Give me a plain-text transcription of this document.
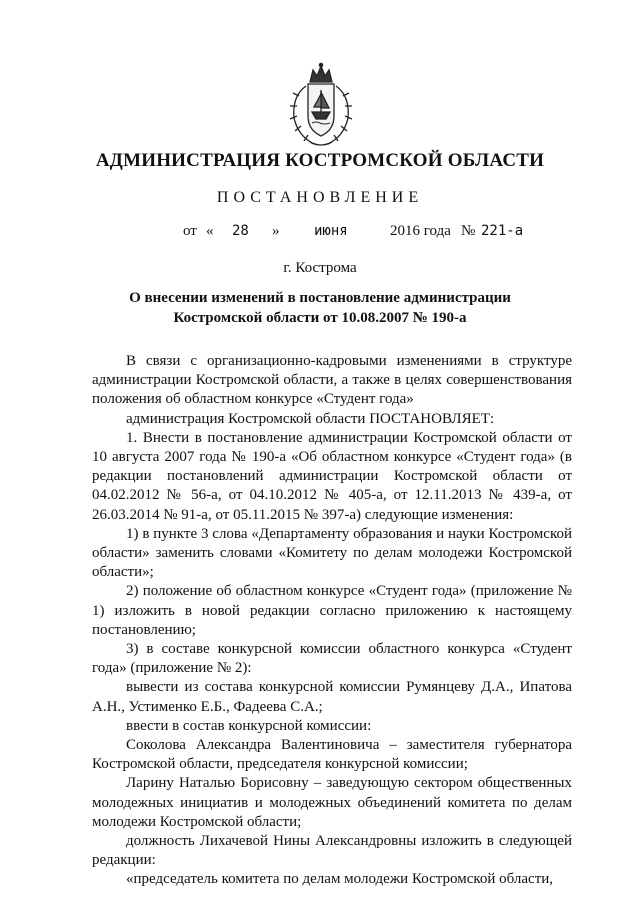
АДМИНИСТРАЦИЯ КОСТРОМСКОЙ ОБЛАСТИ
ПОСТАНОВЛЕНИЕ
от « 28 » июня	2016 года № 221-а
г. Кострома
О внесении изменений в постановление администрации
Костромской области от 10.08.2007 № 190-а

В связи с организационно-кадровыми изменениями в структуре администрации Костромской области, а также в целях совершенствования положения об областном конкурсе «Студент года»

администрация Костромской области ПОСТАНОВЛЯЕТ:

1. Внести в постановление администрации Костромской области от 10 августа 2007 года № 190-а «Об областном конкурсе «Студент года» (в редакции постановлений администрации Костромской области от 04.02.2012 № 56-а, от 04.10.2012 № 405-а, от 12.11.2013 № 439-а, от 26.03.2014 № 91-а, от 05.11.2015 № 397-а) следующие изменения:

1) в пункте 3 слова «Департаменту образования и науки Костромской области» заменить словами «Комитету по делам молодежи Костромской области»;

2) положение об областном конкурсе «Студент года» (приложение № 1) изложить в новой редакции согласно приложению к настоящему постановлению;

3) в составе конкурсной комиссии областного конкурса «Студент года» (приложение № 2):

вывести из состава конкурсной комиссии Румянцеву Д.А., Ипатова А.Н., Устименко Е.Б., Фадеева С.А.;

ввести в состав конкурсной комиссии:

Соколова Александра Валентиновича – заместителя губернатора Костромской области, председателя конкурсной комиссии;

Ларину Наталью Борисовну – заведующую сектором общественных молодежных инициатив и молодежных объединений комитета по делам молодежи Костромской области;

должность Лихачевой Нины Александровны изложить в следующей редакции:

«председатель комитета по делам молодежи Костромской области,
